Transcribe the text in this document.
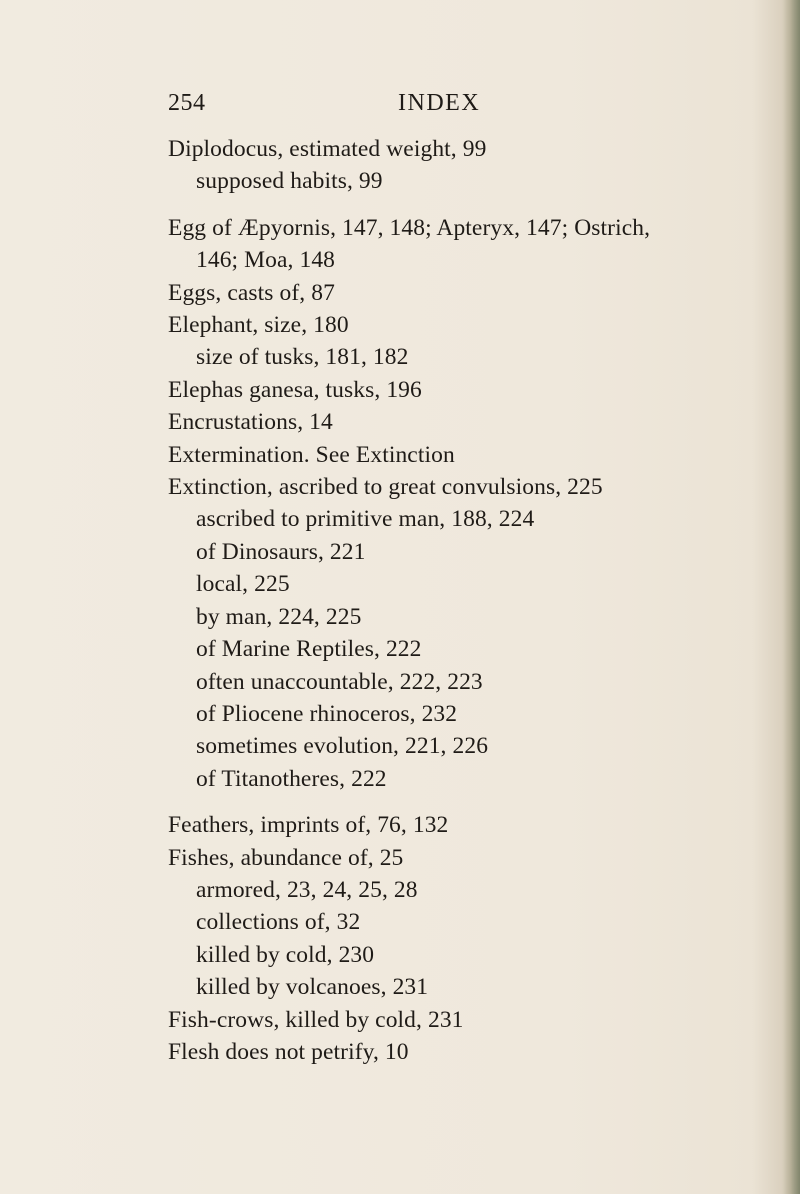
254	INDEX
Diplodocus, estimated weight, 99
supposed habits, 99
Egg of Æpyornis, 147, 148; Apteryx, 147; Ostrich,
146; Moa, 148
Eggs, casts of, 87
Elephant, size, 180
size of tusks, 181, 182
Elephas ganesa, tusks, 196
Encrustations, 14
Extermination. See Extinction
Extinction, ascribed to great convulsions, 225
ascribed to primitive man, 188, 224
of Dinosaurs, 221
local, 225
by man, 224, 225
of Marine Reptiles, 222
often unaccountable, 222, 223
of Pliocene rhinoceros, 232
sometimes evolution, 221, 226
of Titanotheres, 222
Feathers, imprints of, 76, 132
Fishes, abundance of, 25
armored, 23, 24, 25, 28
collections of, 32
killed by cold, 230
killed by volcanoes, 231
Fish-crows, killed by cold, 231
Flesh does not petrify, 10
